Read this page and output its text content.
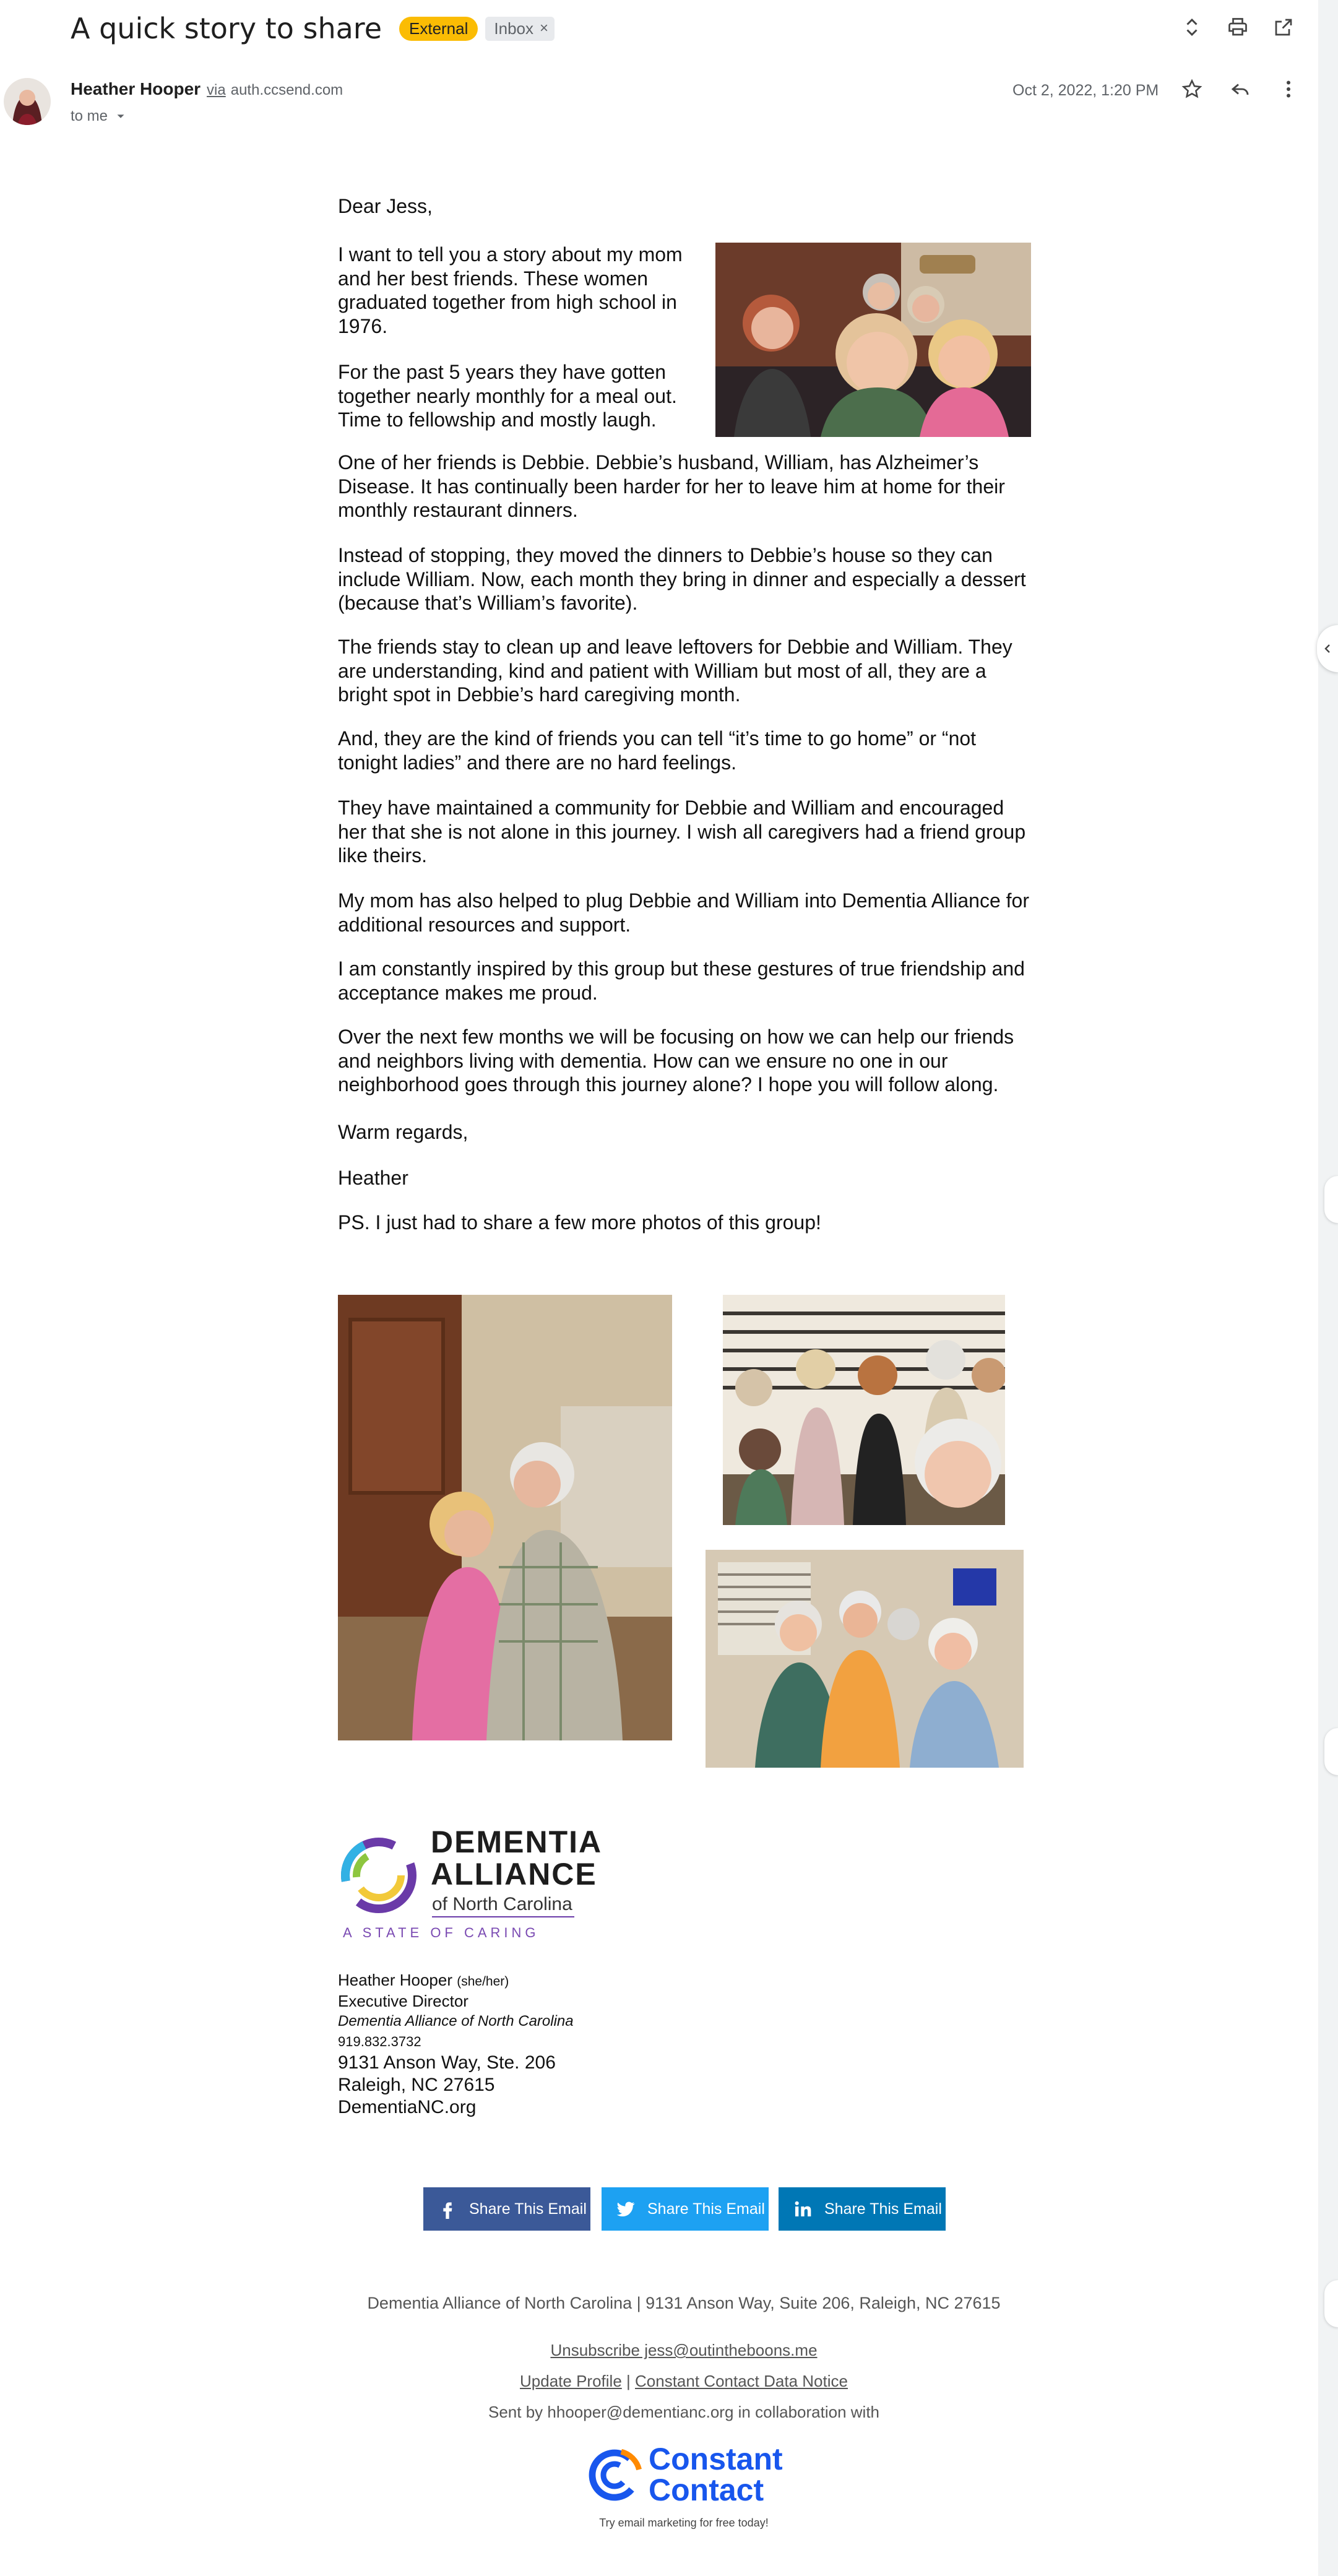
A quick story to share	External	Inbox ×
Heather Hooper via auth.ccsend.com
to me
Oct 2, 2022, 1:20 PM
Dear Jess,
I want to tell you a story about my mom
and her best friends. These women
graduated together from high school in
1976.
For the past 5 years they have gotten
together nearly monthly for a meal out.
Time to fellowship and mostly laugh.
One of her friends is Debbie. Debbie’s husband, William, has Alzheimer’s
Disease. It has continually been harder for her to leave him at home for their
monthly restaurant dinners.
Instead of stopping, they moved the dinners to Debbie’s house so they can
include William. Now, each month they bring in dinner and especially a dessert
(because that’s William’s favorite).
The friends stay to clean up and leave leftovers for Debbie and William. They
are understanding, kind and patient with William but most of all, they are a
bright spot in Debbie’s hard caregiving month.
And, they are the kind of friends you can tell “it’s time to go home” or “not
tonight ladies” and there are no hard feelings.
They have maintained a community for Debbie and William and encouraged
her that she is not alone in this journey. I wish all caregivers had a friend group
like theirs.
My mom has also helped to plug Debbie and William into Dementia Alliance for
additional resources and support.
I am constantly inspired by this group but these gestures of true friendship and
acceptance makes me proud.
Over the next few months we will be focusing on how we can help our friends
and neighbors living with dementia. How can we ensure no one in our
neighborhood goes through this journey alone? I hope you will follow along.
Warm regards,
Heather
PS. I just had to share a few more photos of this group!
DEMENTIA
ALLIANCE
of North Carolina
A STATE OF CARING
Heather Hooper (she/her)
Executive Director
Dementia Alliance of North Carolina
919.832.3732
9131 Anson Way, Ste. 206
Raleigh, NC 27615
DementiaNC.org
Share This Email	Share This Email	Share This Email
Dementia Alliance of North Carolina | 9131 Anson Way, Suite 206, Raleigh, NC 27615
Unsubscribe jess@outintheboons.me
Update Profile | Constant Contact Data Notice
Sent by hhooper@dementianc.org in collaboration with
Constant
Contact
Try email marketing for free today!
